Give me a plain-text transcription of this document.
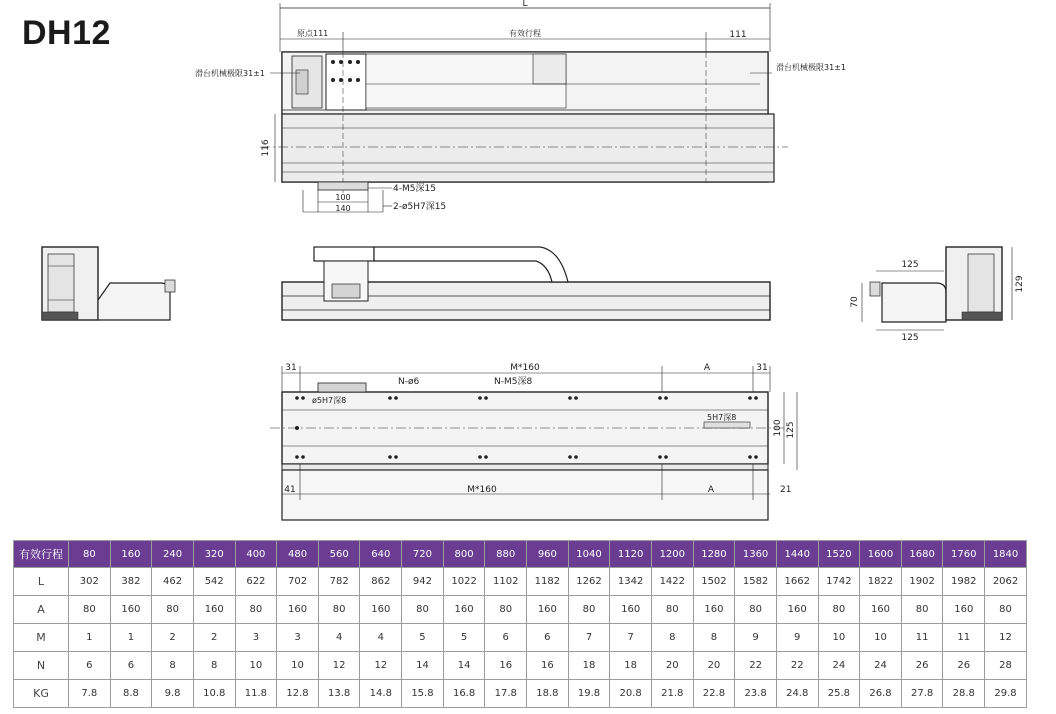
DH12
L
原点111	有效行程	111
滑台机械极限31±1
滑台机械极限31±1
116
4-M5深15
100
140	2-ø5H7深15
125
125
70
129
M*160	A
31	31
N-ø6	N-M5深8
ø5H7深8
5H7深8
100 125
41	M*160	A	21
有效行程	80	160	240	320	400	480	560	640	720	800	880	960	1040	1120	1200	1280	1360	1440	1520	1600	1680	1760	1840
L	302	382	462	542	622	702	782	862	942	1022	1102	1182	1262	1342	1422	1502	1582	1662	1742	1822	1902	1982	2062
A	80	160	80	160	80	160	80	160	80	160	80	160	80	160	80	160	80	160	80	160	80	160	80
M	1	1	2	2	3	3	4	4	5	5	6	6	7	7	8	8	9	9	10	10	11	11	12
N	6	6	8	8	10	10	12	12	14	14	16	16	18	18	20	20	22	22	24	24	26	26	28
KG	7.8	8.8	9.8	10.8	11.8	12.8	13.8	14.8	15.8	16.8	17.8	18.8	19.8	20.8	21.8	22.8	23.8	24.8	25.8	26.8	27.8	28.8	29.8
